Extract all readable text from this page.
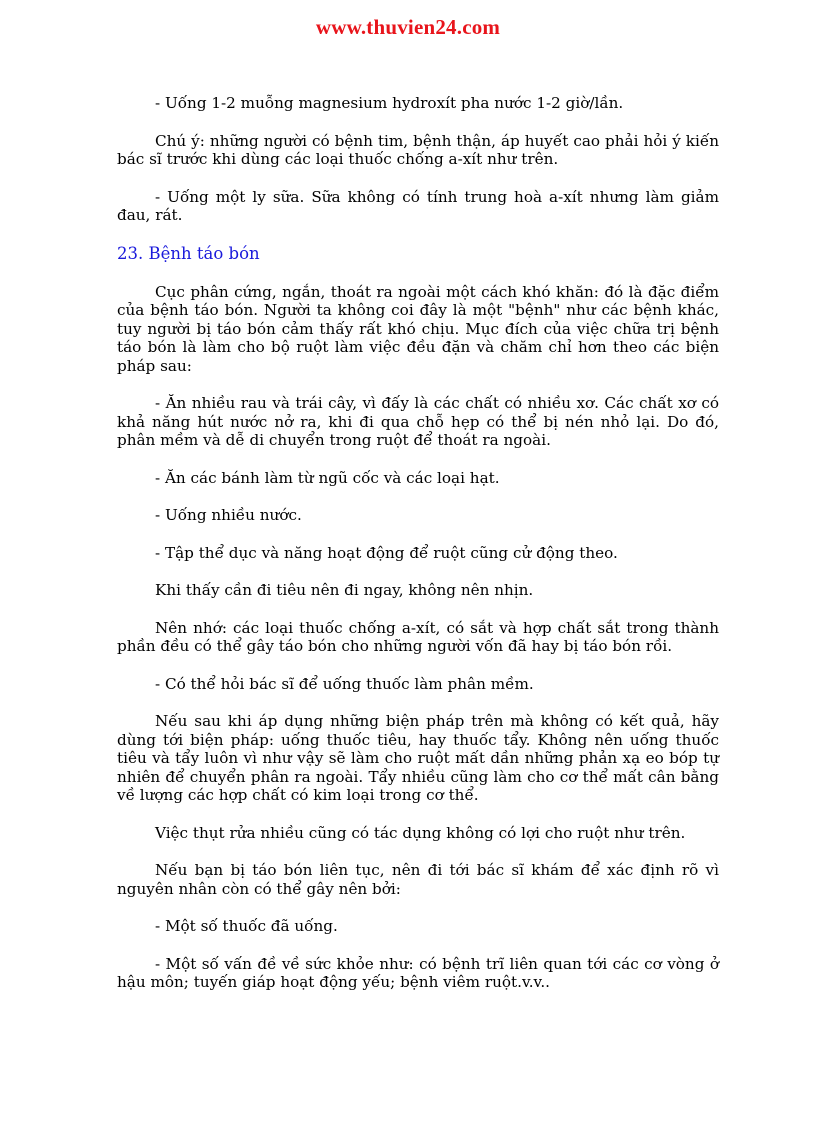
www.thuvien24.com

- Uống 1-2 muỗng magnesium hydroxít pha nước 1-2 giờ/lần.

Chú ý: những người có bệnh tim, bệnh thận, áp huyết cao phải hỏi ý kiến bác sĩ trước khi dùng các loại thuốc chống a-xít như trên.

- Uống một ly sữa. Sữa không có tính trung hoà a-xít nhưng làm giảm đau, rát.

23. Bệnh táo bón

Cục phân cứng, ngắn, thoát ra ngoài một cách khó khăn: đó là đặc điểm của bệnh táo bón. Người ta không coi đây là một "bệnh" như các bệnh khác, tuy người bị táo bón cảm thấy rất khó chịu. Mục đích của việc chữa trị bệnh táo bón là làm cho bộ ruột làm việc đều đặn và chăm chỉ hơn theo các biện pháp sau:

- Ăn nhiều rau và trái cây, vì đấy là các chất có nhiều xơ. Các chất xơ có khả năng hút nước nở ra, khi đi qua chỗ hẹp có thể bị nén nhỏ lại. Do đó, phân mềm và dễ di chuyển trong ruột để thoát ra ngoài.

- Ăn các bánh làm từ ngũ cốc và các loại hạt.

- Uống nhiều nước.

- Tập thể dục và năng hoạt động để ruột cũng cử động theo.

Khi thấy cần đi tiêu nên đi ngay, không nên nhịn.

Nên nhớ: các loại thuốc chống a-xít, có sắt và hợp chất sắt trong thành phần đều có thể gây táo bón cho những người vốn đã hay bị táo bón rồi.

- Có thể hỏi bác sĩ để uống thuốc làm phân mềm.

Nếu sau khi áp dụng những biện pháp trên mà không có kết quả, hãy dùng tới biện pháp: uống thuốc tiêu, hay thuốc tẩy. Không nên uống thuốc tiêu và tẩy luôn vì như vậy sẽ làm cho ruột mất dần những phản xạ eo bóp tự nhiên để chuyển phân ra ngoài. Tẩy nhiều cũng làm cho cơ thể mất cân bằng về lượng các hợp chất có kim loại trong cơ thể.

Việc thụt rửa nhiều cũng có tác dụng không có lợi cho ruột như trên.

Nếu bạn bị táo bón liên tục, nên đi tới bác sĩ khám để xác định rõ vì nguyên nhân còn có thể gây nên bởi:

- Một số thuốc đã uống.

- Một số vấn đề về sức khỏe như: có bệnh trĩ liên quan tới các cơ vòng ở hậu môn; tuyến giáp hoạt động yếu; bệnh viêm ruột.v.v..
